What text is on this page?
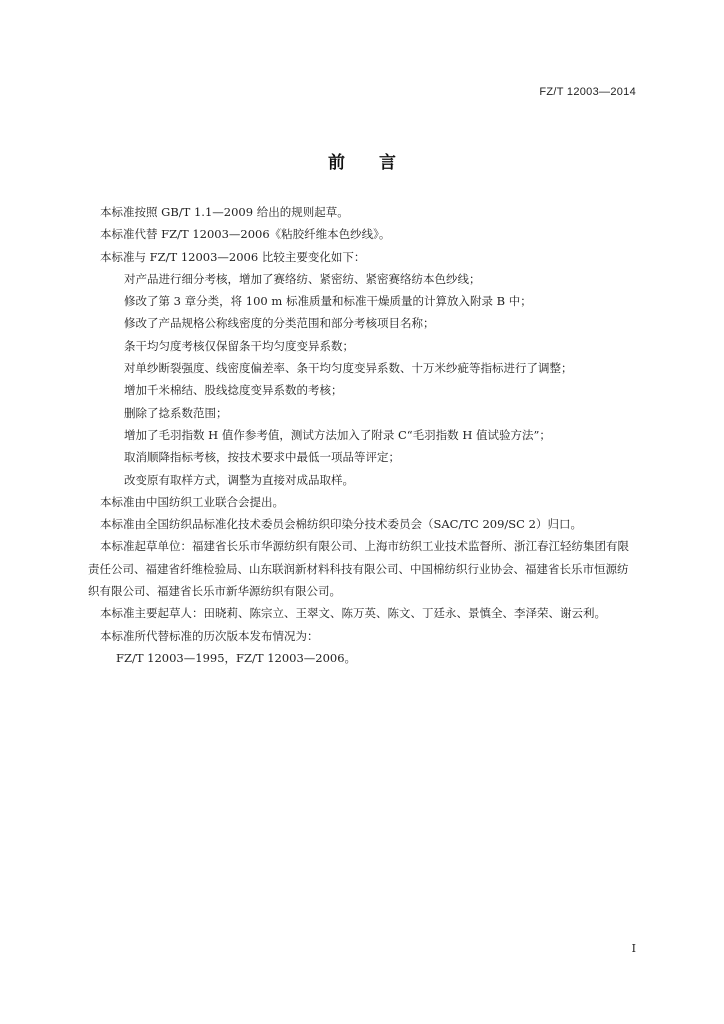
FZ/T 12003—2014
前言

本标准按照 GB/T 1.1—2009 给出的规则起草。

本标准代替 FZ/T 12003—2006《粘胶纤维本色纱线》。

本标准与 FZ/T 12003—2006 比较主要变化如下：

对产品进行细分考核，增加了赛络纺、紧密纺、紧密赛络纺本色纱线；

修改了第 3 章分类，将 100 m 标准质量和标准干燥质量的计算放入附录 B 中；

修改了产品规格公称线密度的分类范围和部分考核项目名称；

条干均匀度考核仅保留条干均匀度变异系数；

对单纱断裂强度、线密度偏差率、条干均匀度变异系数、十万米纱疵等指标进行了调整；

增加千米棉结、股线捻度变异系数的考核；

删除了捻系数范围；

增加了毛羽指数 H 值作参考值，测试方法加入了附录 C“毛羽指数 H 值试验方法”；

取消顺降指标考核，按技术要求中最低一项品等评定；

改变原有取样方式，调整为直接对成品取样。

本标准由中国纺织工业联合会提出。

本标准由全国纺织品标准化技术委员会棉纺织印染分技术委员会（SAC/TC 209/SC 2）归口。

本标准起草单位：福建省长乐市华源纺织有限公司、上海市纺织工业技术监督所、浙江春江轻纺集团有限责任公司、福建省纤维检验局、山东联润新材料科技有限公司、中国棉纺织行业协会、福建省长乐市恒源纺织有限公司、福建省长乐市新华源纺织有限公司。

本标准主要起草人：田晓莉、陈宗立、王翠文、陈万英、陈文、丁廷永、景慎全、李泽荣、谢云利。

本标准所代替标准的历次版本发布情况为：

FZ/T 12003—1995，FZ/T 12003—2006。

I
